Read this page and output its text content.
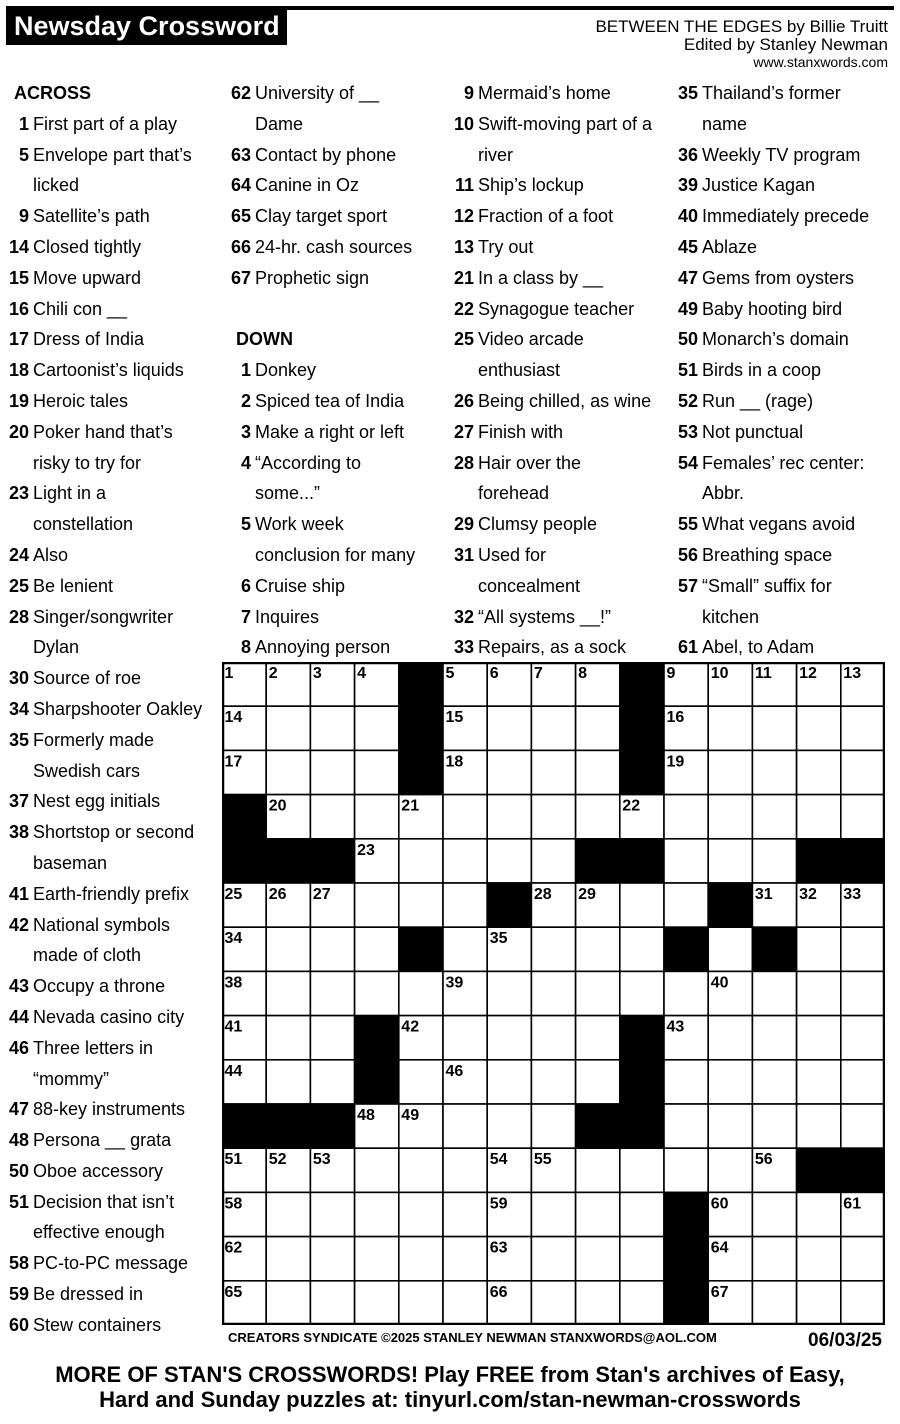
Newsday Crossword	BETWEEN THE EDGES by Billie Truitt
Edited by Stanley Newman
www.stanxwords.com
ACROSS
1 First part of a play
5 Envelope part that’s
licked
9 Satellite’s path
14 Closed tightly
15 Move upward
16 Chili con __
17 Dress of India
18 Cartoonist’s liquids
19 Heroic tales
20 Poker hand that’s
risky to try for
23 Light in a
constellation
24 Also
25 Be lenient
28 Singer/songwriter
Dylan
30 Source of roe
34 Sharpshooter Oakley
35 Formerly made
Swedish cars
37 Nest egg initials
38 Shortstop or second
baseman
41 Earth-friendly prefix
42 National symbols
made of cloth
43 Occupy a throne
44 Nevada casino city
46 Three letters in
“mommy”
47 88-key instruments
48 Persona __ grata
50 Oboe accessory
51 Decision that isn’t
effective enough
58 PC-to-PC message
59 Be dressed in
60 Stew containers
62 University of __
Dame
63 Contact by phone
64 Canine in Oz
65 Clay target sport
66 24-hr. cash sources
67 Prophetic sign
DOWN
1 Donkey
2 Spiced tea of India
3 Make a right or left
4 “According to
some...”
5 Work week
conclusion for many
6 Cruise ship
7 Inquires
8 Annoying person
9 Mermaid’s home
10 Swift-moving part of a
river
11 Ship’s lockup
12 Fraction of a foot
13 Try out
21 In a class by __
22 Synagogue teacher
25 Video arcade
enthusiast
26 Being chilled, as wine
27 Finish with
28 Hair over the
forehead
29 Clumsy people
31 Used for
concealment
32 “All systems __!”
33 Repairs, as a sock
35 Thailand’s former
name
36 Weekly TV program
39 Justice Kagan
40 Immediately precede
45 Ablaze
47 Gems from oysters
49 Baby hooting bird
50 Monarch’s domain
51 Birds in a coop
52 Run __ (rage)
53 Not punctual
54 Females’ rec center:
Abbr.
55 What vegans avoid
56 Breathing space
57 “Small” suffix for
kitchen
61 Abel, to Adam
1 2 3 4	5 6 7 8	9 10 11 12 13
14	15	16
17	18	19
20	21	22
23	24
25 26 27	28 29	30 31 32 33
34	35	36	37
38	39	40
41	42	43
44	45	46	47
48 49	50
51 52 53	54 55	56 57
58	59	60	61
62	63	64
65	66	67
CREATORS SYNDICATE ©2025 STANLEY NEWMAN STANXWORDS@AOL.COM	06/03/25
MORE OF STAN'S CROSSWORDS! Play FREE from Stan's archives of Easy,
Hard and Sunday puzzles at: tinyurl.com/stan-newman-crosswords
